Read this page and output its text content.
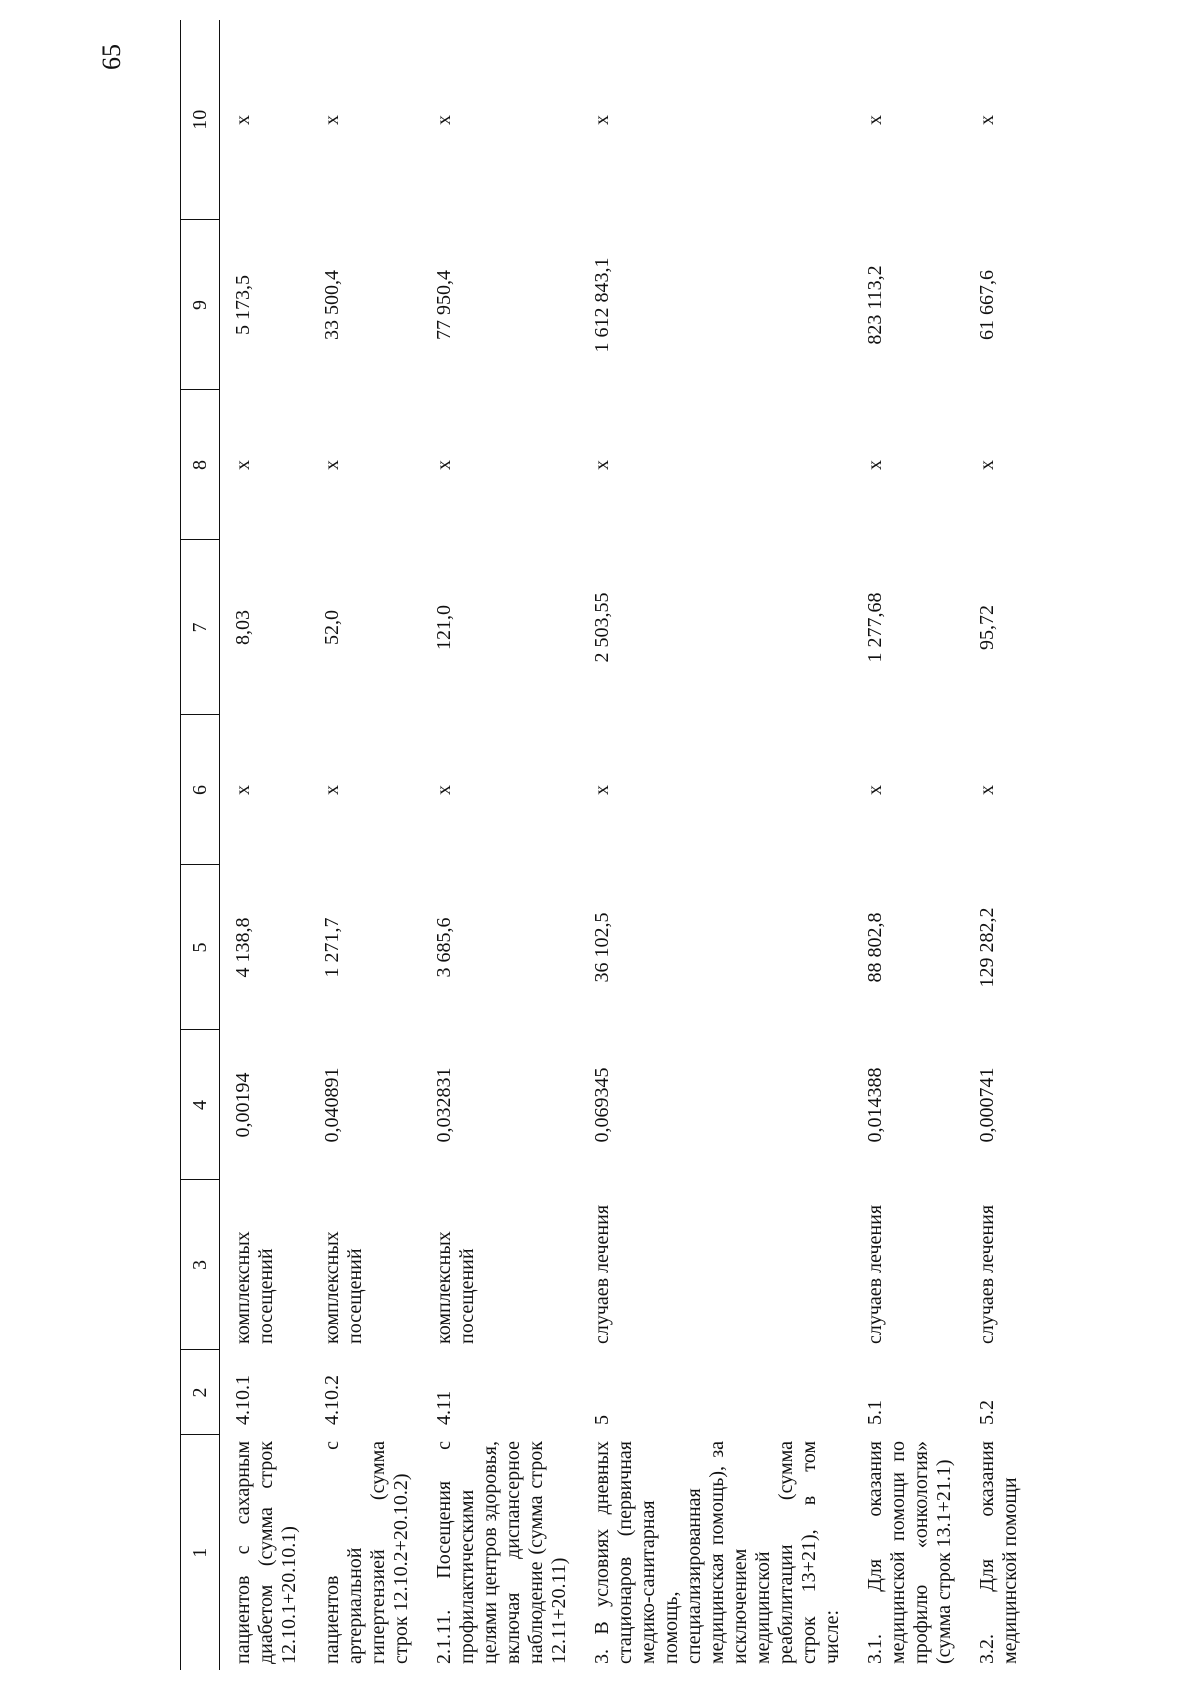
65
1	2	3	4	5	6	7	8	9	10
пациентов с сахарным диабетом (сумма строк 12.10.1+20.10.1)	4.10.1	комплексных посещений	0,00194	4 138,8	х	8,03	х	5 173,5	х
пациентов с артериальной гипертензией (сумма строк 12.10.2+20.10.2)	4.10.2	комплексных посещений	0,040891	1 271,7	х	52,0	х	33 500,4	х
2.1.11. Посещения с профилактическими целями центров здоровья, включая диспансерное наблюдение (сумма строк 12.11+20.11)	4.11	комплексных посещений	0,032831	3 685,6	х	121,0	х	77 950,4	х
3. В условиях дневных стационаров (первичная медико-санитарная помощь, специализированная медицинская помощь), за исключением медицинской реабилитации (сумма строк 13+21), в том числе:	5	случаев лечения	0,069345	36 102,5	х	2 503,55	х	1 612 843,1	х
3.1. Для оказания медицинской помощи по профилю «онкология» (сумма строк 13.1+21.1)	5.1	случаев лечения	0,014388	88 802,8	х	1 277,68	х	823 113,2	х
3.2. Для оказания медицинской помощи	5.2	случаев лечения	0,000741	129 282,2	х	95,72	х	61 667,6	х
